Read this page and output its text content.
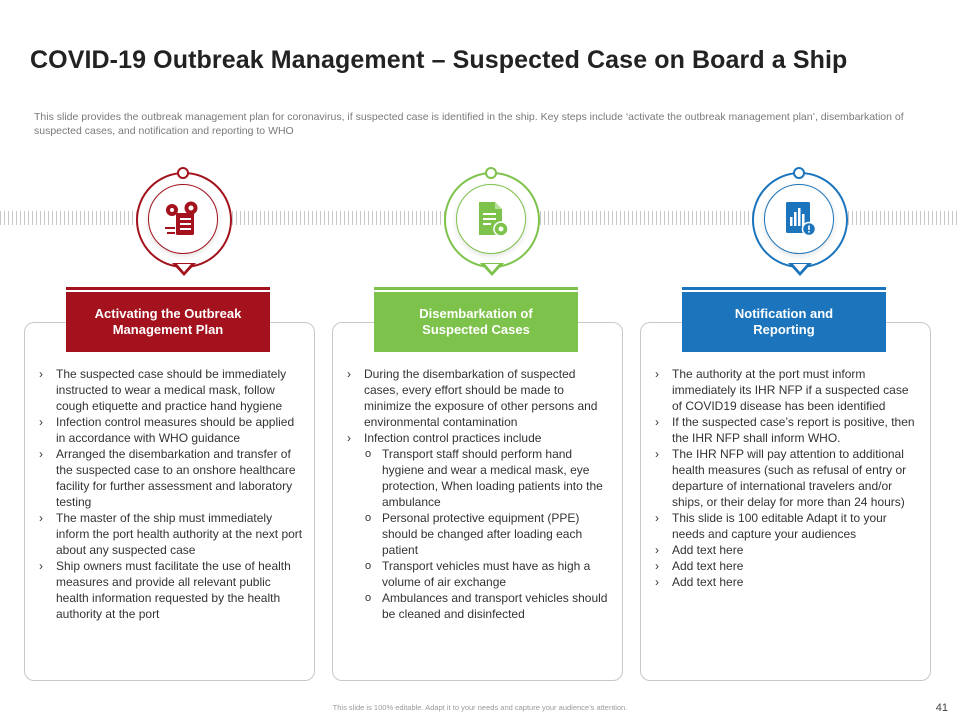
COVID-19 Outbreak Management – Suspected Case on Board a Ship

This slide provides the outbreak management plan for coronavirus, if suspected case is identified in the ship. Key steps include ‘activate the outbreak management plan’, disembarkation of suspected cases, and notification and reporting to WHO

Activating the Outbreak
Management Plan
Disembarkation of
Suspected Cases
Notification and
Reporting
› The suspected case should be immediately instructed to wear a medical mask, follow cough etiquette and practice hand hygiene
› Infection control measures should be applied in accordance with WHO guidance
› Arranged the disembarkation and transfer of the suspected case to an onshore healthcare facility for further assessment and laboratory testing
› The master of the ship must immediately inform the port health authority at the next port about any suspected case
› Ship owners must facilitate the use of health measures and provide all relevant public health information requested by the health authority at the port
› During the disembarkation of suspected cases, every effort should be made to minimize the exposure of other persons and environmental contamination
› Infection control practices include
o Transport staff should perform hand hygiene and wear a medical mask, eye protection, When loading patients into the ambulance
o Personal protective equipment (PPE) should be changed after loading each patient
o Transport vehicles must have as high a volume of air exchange
o Ambulances and transport vehicles should be cleaned and disinfected
› The authority at the port must inform immediately its IHR NFP if a suspected case of COVID19 disease has been identified
› If the suspected case’s report is positive, then the IHR NFP shall inform WHO.
› The IHR NFP will pay attention to additional health measures (such as refusal of entry or departure of international travelers and/or ships, or their delay for more than 24 hours)
› This slide is 100 editable Adapt it to your needs and capture your audiences
› Add text here
› Add text here
› Add text here
This slide is 100% editable. Adapt it to your needs and capture your audience’s attention.	41
